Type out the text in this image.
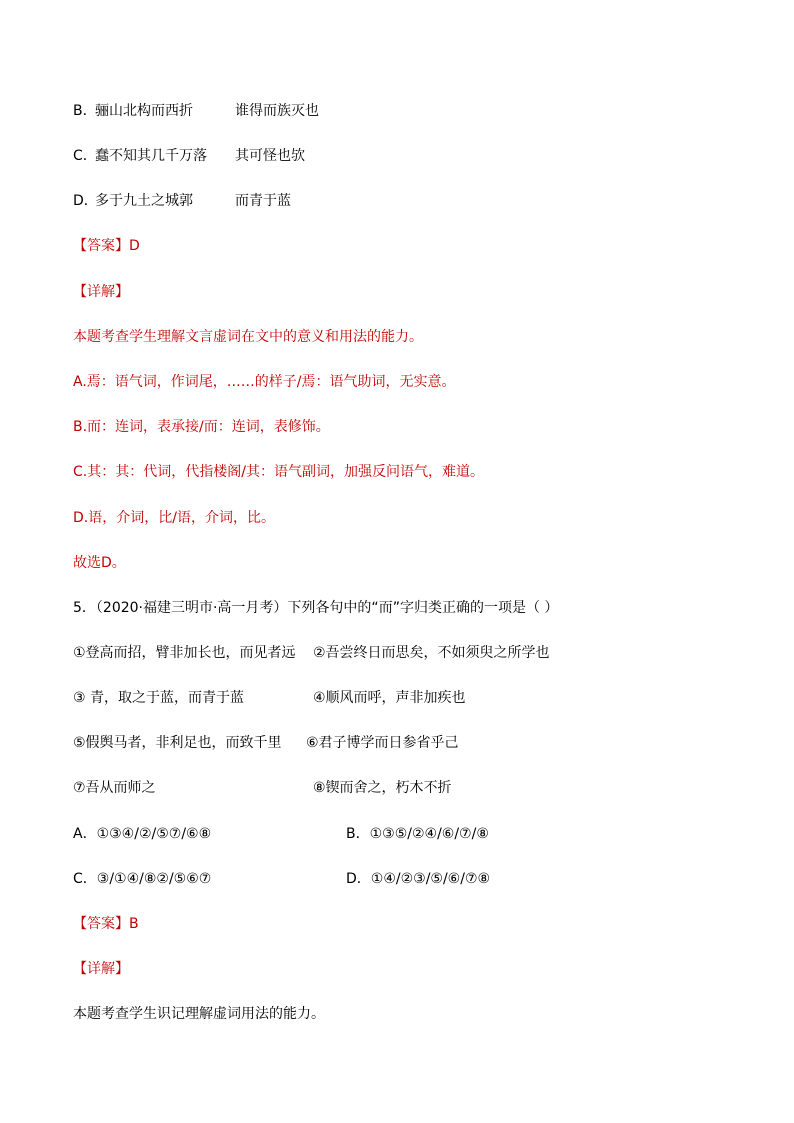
B．
骊山北构而西折	谁得而族灭也
C．
蠢不知其几千万落 其可怪也欤
D．
多于九土之城郭	而青于蓝
【答案】D
【详解】
本题考查学生理解文言虚词在文中的意义和用法的能力。
A.焉：语气词，作词尾，……的样子/焉：语气助词，无实意。
B.而：连词，表承接/而：连词，表修饰。
C.其：其：代词，代指楼阁/其：语气副词，加强反问语气，难道。
D.语，介词，比/语，介词，比。
故选D。
5．（2020·福建三明市·高一月考）下列各句中的“而”字归类正确的一项是（ ）
①登高而招，臂非加长也，而见者远 ②吾尝终日而思矣，不如须臾之所学也
③ 青，取之于蓝，而青于蓝	④顺风而呼，声非加疾也
⑤假舆马者，非利足也，而致千里 ⑥君子博学而日参省乎己
⑦吾从而师之	⑧锲而舍之，朽木不折
A．①③④/②/⑤⑦/⑥⑧	B．①③⑤/②④/⑥/⑦/⑧
C．③/①④/⑧②/⑤⑥⑦	D．①④/②③/⑤/⑥/⑦⑧
【答案】B
【详解】
本题考查学生识记理解虚词用法的能力。
